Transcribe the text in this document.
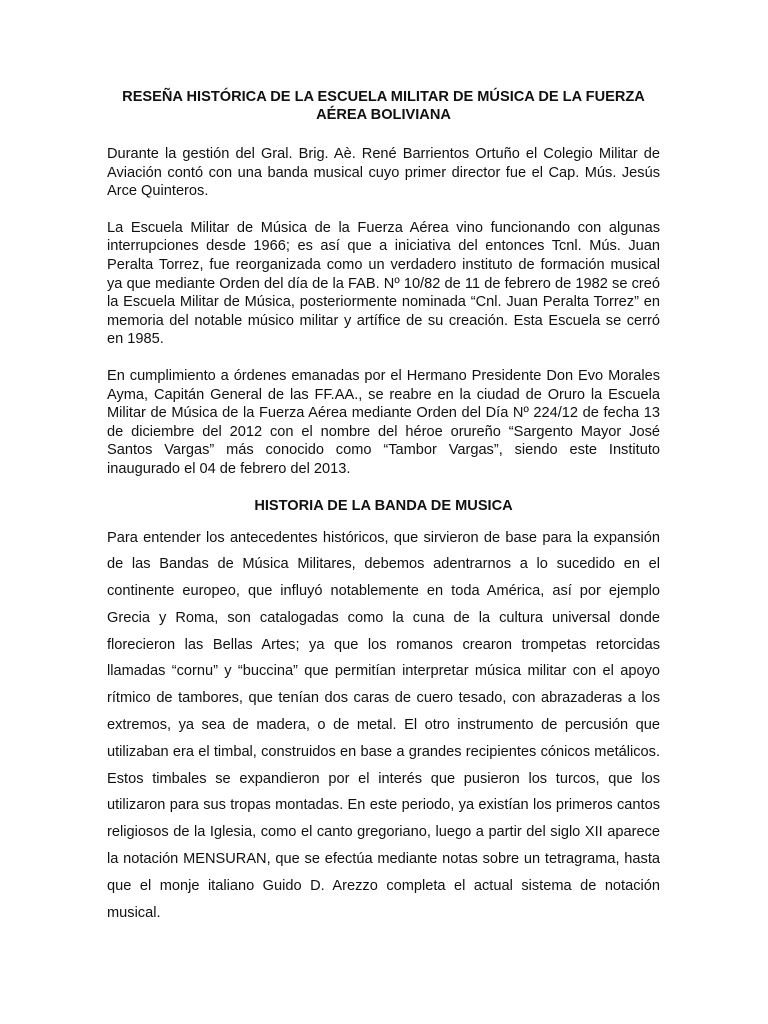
RESEÑA HISTÓRICA DE LA ESCUELA MILITAR DE MÚSICA DE LA FUERZA AÉREA BOLIVIANA

Durante la gestión del Gral. Brig. Aè. René Barrientos Ortuño el Colegio Militar de Aviación contó con una banda musical cuyo primer director fue el Cap. Mús. Jesús Arce Quinteros.

La Escuela Militar de Música de la Fuerza Aérea vino funcionando con algunas interrupciones desde 1966; es así que a iniciativa del entonces Tcnl. Mús. Juan Peralta Torrez, fue reorganizada como un verdadero instituto de formación musical ya que mediante Orden del día de la FAB. Nº 10/82 de 11 de febrero de 1982 se creó la Escuela Militar de Música, posteriormente nominada “Cnl. Juan Peralta Torrez” en memoria del notable músico militar y artífice de su creación. Esta Escuela se cerró en 1985.

En cumplimiento a órdenes emanadas por el Hermano Presidente Don Evo Morales Ayma, Capitán General de las FF.AA., se reabre en la ciudad de Oruro la Escuela Militar de Música de la Fuerza Aérea mediante Orden del Día Nº 224/12 de fecha 13 de diciembre del 2012 con el nombre del héroe orureño “Sargento Mayor José Santos Vargas” más conocido como “Tambor Vargas”, siendo este Instituto inaugurado el 04 de febrero del 2013.

HISTORIA DE LA BANDA DE MUSICA

Para entender los antecedentes históricos, que sirvieron de base para la expansión de las Bandas de Música Militares, debemos adentrarnos a lo sucedido en el continente europeo, que influyó notablemente en toda América, así por ejemplo Grecia y Roma, son catalogadas como la cuna de la cultura universal donde florecieron las Bellas Artes; ya que los romanos crearon trompetas retorcidas llamadas “cornu” y “buccina” que permitían interpretar música militar con el apoyo rítmico de tambores, que tenían dos caras de cuero tesado, con abrazaderas a los extremos, ya sea de madera, o de metal. El otro instrumento de percusión que utilizaban era el timbal, construidos en base a grandes recipientes cónicos metálicos. Estos timbales se expandieron por el interés que pusieron los turcos, que los utilizaron para sus tropas montadas. En este periodo, ya existían los primeros cantos religiosos de la Iglesia, como el canto gregoriano, luego a partir del siglo XII aparece la notación MENSURAN, que se efectúa mediante notas sobre un tetragrama, hasta que el monje italiano Guido D. Arezzo completa el actual sistema de notación musical.
